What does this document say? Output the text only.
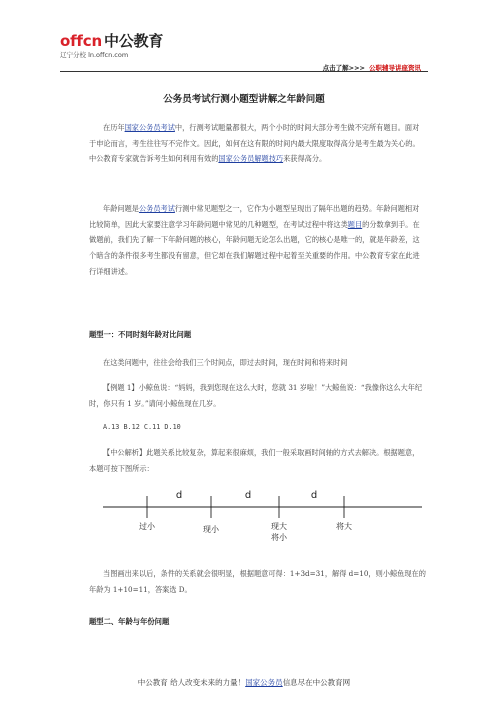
offcn 中公教育
辽宁分校 ln.offcn.com
点击了解>>> 公职辅导讲座资讯
公务员考试行测小题型讲解之年龄问题
在历年国家公务员考试中，行测考试题量都很大，两个小时的时间大部分考生做不完所有题目。面对于申论而言，考生往往写不完作文。因此，如何在这有限的时间内最大限度取得高分是考生最为关心的。中公教育专家就告诉考生如何利用有效的国家公务员解题技巧来获得高分。
年龄问题是公务员考试行测中常见题型之一，它作为小题型呈现出了隔年出题的趋势。年龄问题相对比较简单，因此大家要注意学习年龄问题中常见的几种题型，在考试过程中将这类题目的分数拿到手。在做题前，我们先了解一下年龄问题的核心，年龄问题无论怎么出题，它的核心是唯一的，就是年龄差，这个暗含的条件很多考生都没有留意，但它却在我们解题过程中起着至关重要的作用。中公教育专家在此进行详细讲述。
题型一：不同时刻年龄对比问题
在这类问题中，往往会给我们三个时间点，即过去时间，现在时间和将来时间
【例题 1】小鲸鱼说：“妈妈，我到您现在这么大时，您就 31 岁啦！”大鲸鱼说：“我像你这么大年纪时，你只有 1 岁。”请问小鲸鱼现在几岁。
A.13 B.12 C.11 D.10
【中公解析】此题关系比较复杂，算起来很麻烦，我们一般采取画时间轴的方式去解决。根据题意，本题可按下图所示：
d	d	d
过小	现小	现大
将小
将大
当图画出来以后，条件的关系就会很明显，根据题意可得：1+3d=31，解得 d=10，则小鲸鱼现在的年龄为 1+10=11，答案选 D。
题型二、年龄与年份问题
中公教育 给人改变未来的力量！国家公务员信息尽在中公教育网
